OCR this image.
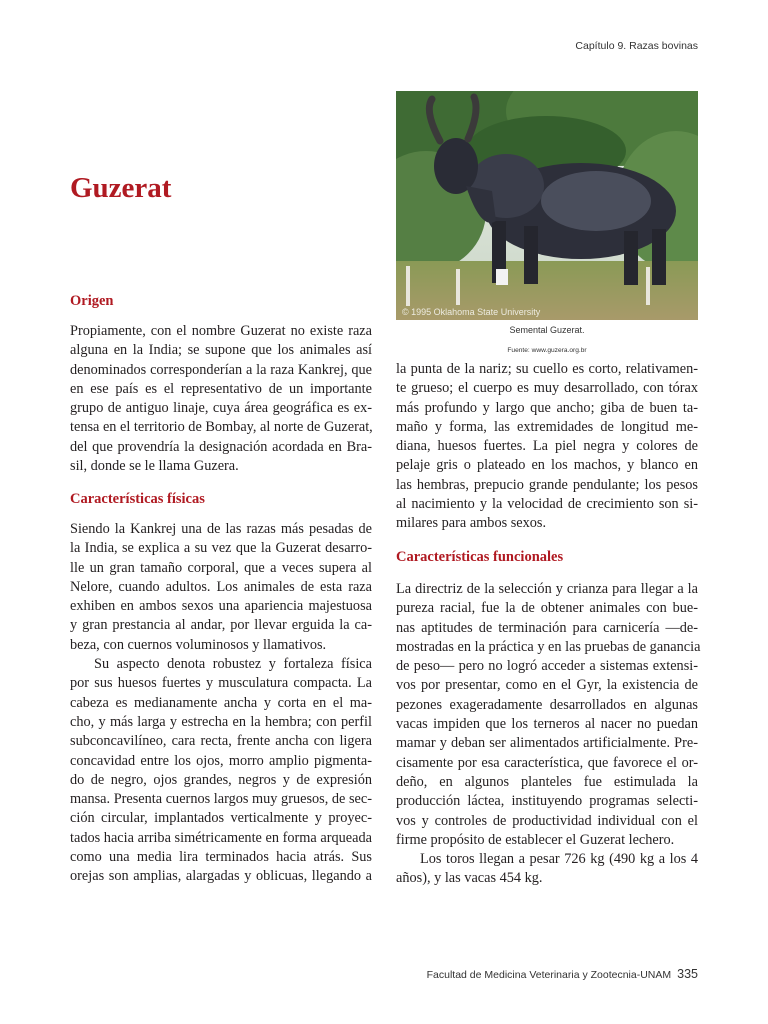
Capítulo 9. Razas bovinas
Guzerat
Origen
Propiamente, con el nombre Guzerat no existe raza
alguna en la India; se supone que los animales así
denominados corresponderían a la raza Kankrej, que
en ese país es el representativo de un importante
grupo de antiguo linaje, cuya área geográfica es ex-
tensa en el territorio de Bombay, al norte de Guzerat,
del que provendría la designación acordada en Bra-
sil, donde se le llama Guzera.
Características físicas
Siendo la Kankrej una de las razas más pesadas de
la India, se explica a su vez que la Guzerat desarro-
lle un gran tamaño corporal, que a veces supera al
Nelore, cuando adultos. Los animales de esta raza
exhiben en ambos sexos una apariencia majestuosa
y gran prestancia al andar, por llevar erguida la ca-
beza, con cuernos voluminosos y llamativos.
Su aspecto denota robustez y fortaleza física
por sus huesos fuertes y musculatura compacta. La
cabeza es medianamente ancha y corta en el ma-
cho, y más larga y estrecha en la hembra; con perfil
subconcavilíneo, cara recta, frente ancha con ligera
concavidad entre los ojos, morro amplio pigmenta-
do de negro, ojos grandes, negros y de expresión
mansa. Presenta cuernos largos muy gruesos, de sec-
ción circular, implantados verticalmente y proyec-
tados hacia arriba simétricamente en forma arqueada
como una media lira terminados hacia atrás. Sus
orejas son amplias, alargadas y oblicuas, llegando a
© 1995 Oklahoma State University
Semental Guzerat.
Fuente: www.guzera.org.br
la punta de la nariz; su cuello es corto, relativamen-
te grueso; el cuerpo es muy desarrollado, con tórax
más profundo y largo que ancho; giba de buen ta-
maño y forma, las extremidades de longitud me-
diana, huesos fuertes. La piel negra y colores de
pelaje gris o plateado en los machos, y blanco en
las hembras, prepucio grande pendulante; los pesos
al nacimiento y la velocidad de crecimiento son si-
milares para ambos sexos.
Características funcionales
La directriz de la selección y crianza para llegar a la
pureza racial, fue la de obtener animales con bue-
nas aptitudes de terminación para carnicería —de-
mostradas en la práctica y en las pruebas de ganancia
de peso— pero no logró acceder a sistemas extensi-
vos por presentar, como en el Gyr, la existencia de
pezones exageradamente desarrollados en algunas
vacas impiden que los terneros al nacer no puedan
mamar y deban ser alimentados artificialmente. Pre-
cisamente por esa característica, que favorece el or-
deño, en algunos planteles fue estimulada la
producción láctea, instituyendo programas selecti-
vos y controles de productividad individual con el
firme propósito de establecer el Guzerat lechero.
Los toros llegan a pesar 726 kg (490 kg a los 4
años), y las vacas 454 kg.
Facultad de Medicina Veterinaria y Zootecnia-UNAM 335
